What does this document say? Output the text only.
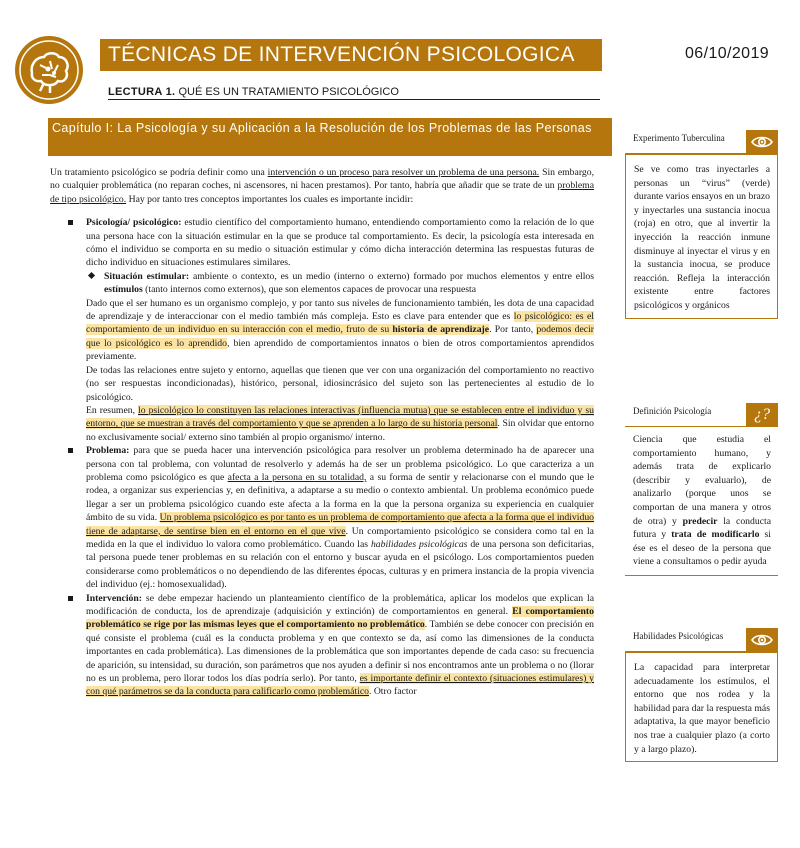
TÉCNICAS DE INTERVENCIÓN PSICOLOGICA	06/10/2019
LECTURA 1. QUÉ ES UN TRATAMIENTO PSICOLÓGICO
Capítulo I: La Psicología y su Aplicación a la Resolución de los Problemas de las Personas

Un tratamiento psicológico se podría definir como una intervención o un proceso para resolver un problema de una persona. Sin embargo, no cualquier problemática (no reparan coches, ni ascensores, ni hacen prestamos). Por tanto, habría que añadir que se trate de un problema de tipo psicológico. Hay por tanto tres conceptos importantes los cuales es importante incidir:

Psicología/ psicológico: estudio científico del comportamiento humano, entendiendo comportamiento como la relación de lo que una persona hace con la situación estimular en la que se produce tal comportamiento. Es decir, la psicología esta interesada en cómo el individuo se comporta en su medio o situación estimular y cómo dicha interacción determina las respuestas futuras de dicho individuo en situaciones estimulares similares.
Situación estimular: ambiente o contexto, es un medio (interno o externo) formado por muchos elementos y entre ellos estímulos (tanto internos como externos), que son elementos capaces de provocar una respuesta

Dado que el ser humano es un organismo complejo, y por tanto sus niveles de funcionamiento también, les dota de una capacidad de aprendizaje y de interaccionar con el medio también más compleja. Esto es clave para entender que es lo psicológico: es el comportamiento de un individuo en su interacción con el medio, fruto de su historia de aprendizaje. Por tanto, podemos decir que lo psicológico es lo aprendido, bien aprendido de comportamientos innatos o bien de otros comportamientos aprendidos previamente.

De todas las relaciones entre sujeto y entorno, aquellas que tienen que ver con una organización del comportamiento no reactivo (no ser respuestas incondicionadas), histórico, personal, idiosincrásico del sujeto son las pertenecientes al estudio de lo psicológico.

En resumen, lo psicológico lo constituyen las relaciones interactivas (influencia mutua) que se establecen entre el individuo y su entorno, que se muestran a través del comportamiento y que se aprenden a lo largo de su historia personal. Sin olvidar que entorno no exclusivamente social/ externo sino también al propio organismo/ interno.

Problema: para que se pueda hacer una intervención psicológica para resolver un problema determinado ha de aparecer una persona con tal problema, con voluntad de resolverlo y además ha de ser un problema psicológico. Lo que caracteriza a un problema como psicológico es que afecta a la persona en su totalidad, a su forma de sentir y relacionarse con el mundo que le rodea, a organizar sus experiencias y, en definitiva, a adaptarse a su medio o contexto ambiental. Un problema económico puede llegar a ser un problema psicológico cuando este afecta a la forma en la que la persona organiza su experiencia en cualquier ámbito de su vida. Un problema psicológico es por tanto es un problema de comportamiento que afecta a la forma que el individuo tiene de adaptarse, de sentirse bien en el entorno en el que vive. Un comportamiento psicológico se considera como tal en la medida en la que el individuo lo valora como problemático. Cuando las habilidades psicológicas de una persona son deficitarias, tal persona puede tener problemas en su relación con el entorno y buscar ayuda en el psicólogo. Los comportamientos pueden considerarse como problemáticos o no dependiendo de las diferentes épocas, culturas y en primera instancia de la propia vivencia del individuo (ej.: homosexualidad).
Intervención: se debe empezar haciendo un planteamiento científico de la problemática, aplicar los modelos que explican la modificación de conducta, los de aprendizaje (adquisición y extinción) de comportamientos en general. El comportamiento problemático se rige por las mismas leyes que el comportamiento no problemático. También se debe conocer con precisión en qué consiste el problema (cuál es la conducta problema y en que contexto se da, así como las dimensiones de la conducta importantes en cada problemática). Las dimensiones de la problemática que son importantes depende de cada caso: su frecuencia de aparición, su intensidad, su duración, son parámetros que nos ayuden a definir si nos encontramos ante un problema o no (llorar no es un problema, pero llorar todos los días podría serlo). Por tanto, es importante definir el contexto (situaciones estimulares) y con qué parámetros se da la conducta para calificarlo como problemático. Otro factor
Experimento Tuberculina
Se ve como tras inyectarles a personas un “virus” (verde) durante varios ensayos en un brazo y inyectarles una sustancia inocua (roja) en otro, que al invertir la inyección la reacción inmune disminuye al inyectar el virus y en la sustancia inocua, se produce reacción. Refleja la interacción existente entre factores psicológicos y orgánicos
Definición Psicología	¿?
Ciencia que estudia el comportamiento humano, y además trata de explicarlo (describir y evaluarlo), de analizarlo (porque unos se comportan de una manera y otros de otra) y predecir la conducta futura y trata de modificarlo si ése es el deseo de la persona que viene a consultamos o pedir ayuda
Habilidades Psicológicas
La capacidad para interpretar adecuadamente los estímulos, el entorno que nos rodea y la habilidad para dar la respuesta más adaptativa, la que mayor beneficio nos trae a cualquier plazo (a corto y a largo plazo).
